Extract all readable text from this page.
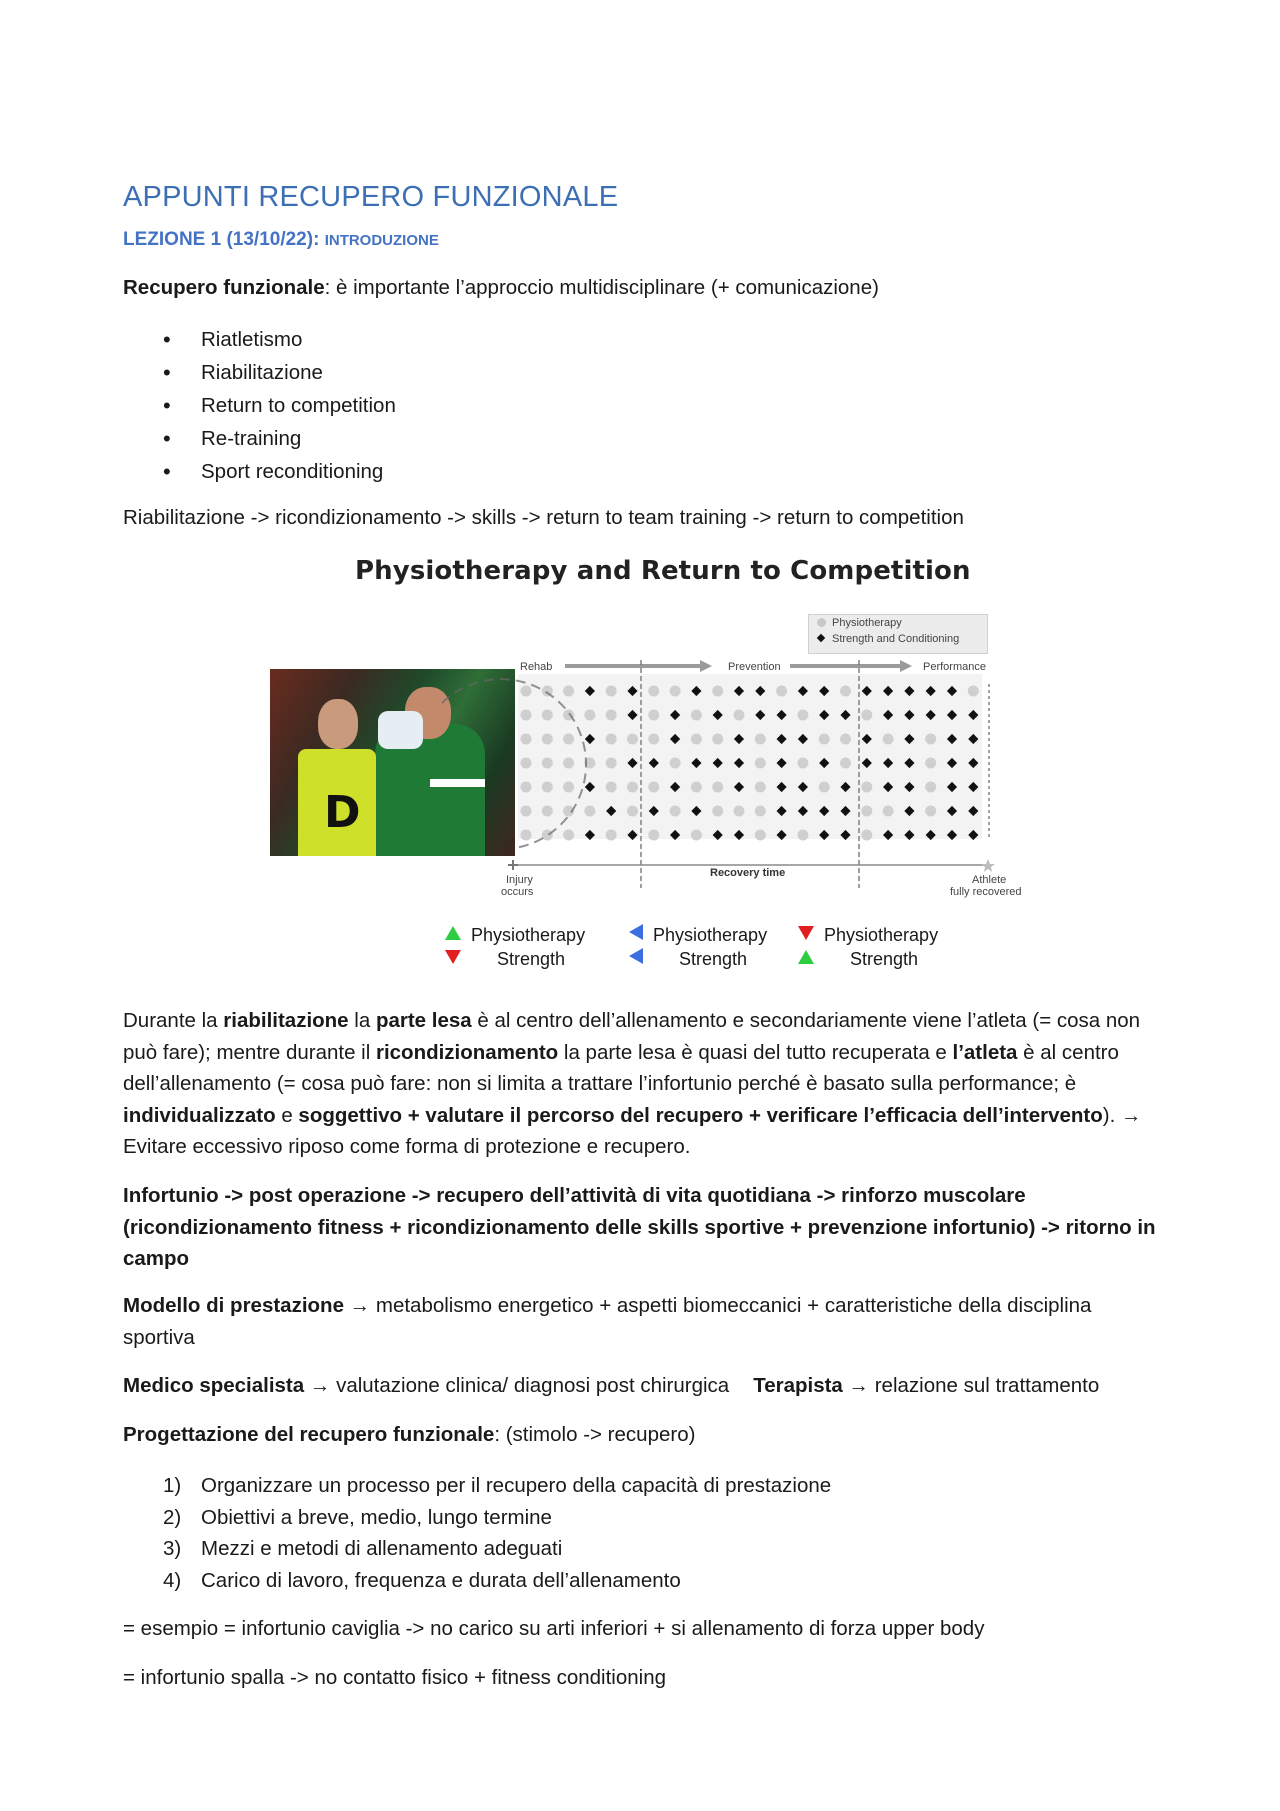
APPUNTI RECUPERO FUNZIONALE
LEZIONE 1 (13/10/22): INTRODUZIONE
Recupero funzionale: è importante l’approccio multidisciplinare (+ comunicazione)
• Riatletismo
• Riabilitazione
• Return to competition
• Re-training
• Sport reconditioning
Riabilitazione -> ricondizionamento -> skills -> return to team training -> return to competition
Physiotherapy and Return to Competition
D
Physiotherapy
Strength and Conditioning
Rehab	Prevention	Performance
Injury
occurs
Recovery time
Athlete
fully recovered
Physiotherapy
Strength
Physiotherapy
Strength
Physiotherapy
Strength
Durante la riabilitazione la parte lesa è al centro dell’allenamento e secondariamente viene l’atleta (= cosa non può fare); mentre durante il ricondizionamento la parte lesa è quasi del tutto recuperata e l’atleta è al centro dell’allenamento (= cosa può fare: non si limita a trattare l’infortunio perché è basato sulla performance; è individualizzato e soggettivo + valutare il percorso del recupero + verificare l’efficacia dell’intervento). → Evitare eccessivo riposo come forma di protezione e recupero.
Infortunio -> post operazione -> recupero dell’attività di vita quotidiana -> rinforzo muscolare (ricondizionamento fitness + ricondizionamento delle skills sportive + prevenzione infortunio) -> ritorno in campo
Modello di prestazione → metabolismo energetico + aspetti biomeccanici + caratteristiche della disciplina sportiva
Medico specialista → valutazione clinica/ diagnosi post chirurgica Terapista → relazione sul trattamento
Progettazione del recupero funzionale: (stimolo -> recupero)
1) Organizzare un processo per il recupero della capacità di prestazione
2) Obiettivi a breve, medio, lungo termine
3) Mezzi e metodi di allenamento adeguati
4) Carico di lavoro, frequenza e durata dell’allenamento
= esempio = infortunio caviglia -> no carico su arti inferiori + si allenamento di forza upper body
= infortunio spalla -> no contatto fisico + fitness conditioning
